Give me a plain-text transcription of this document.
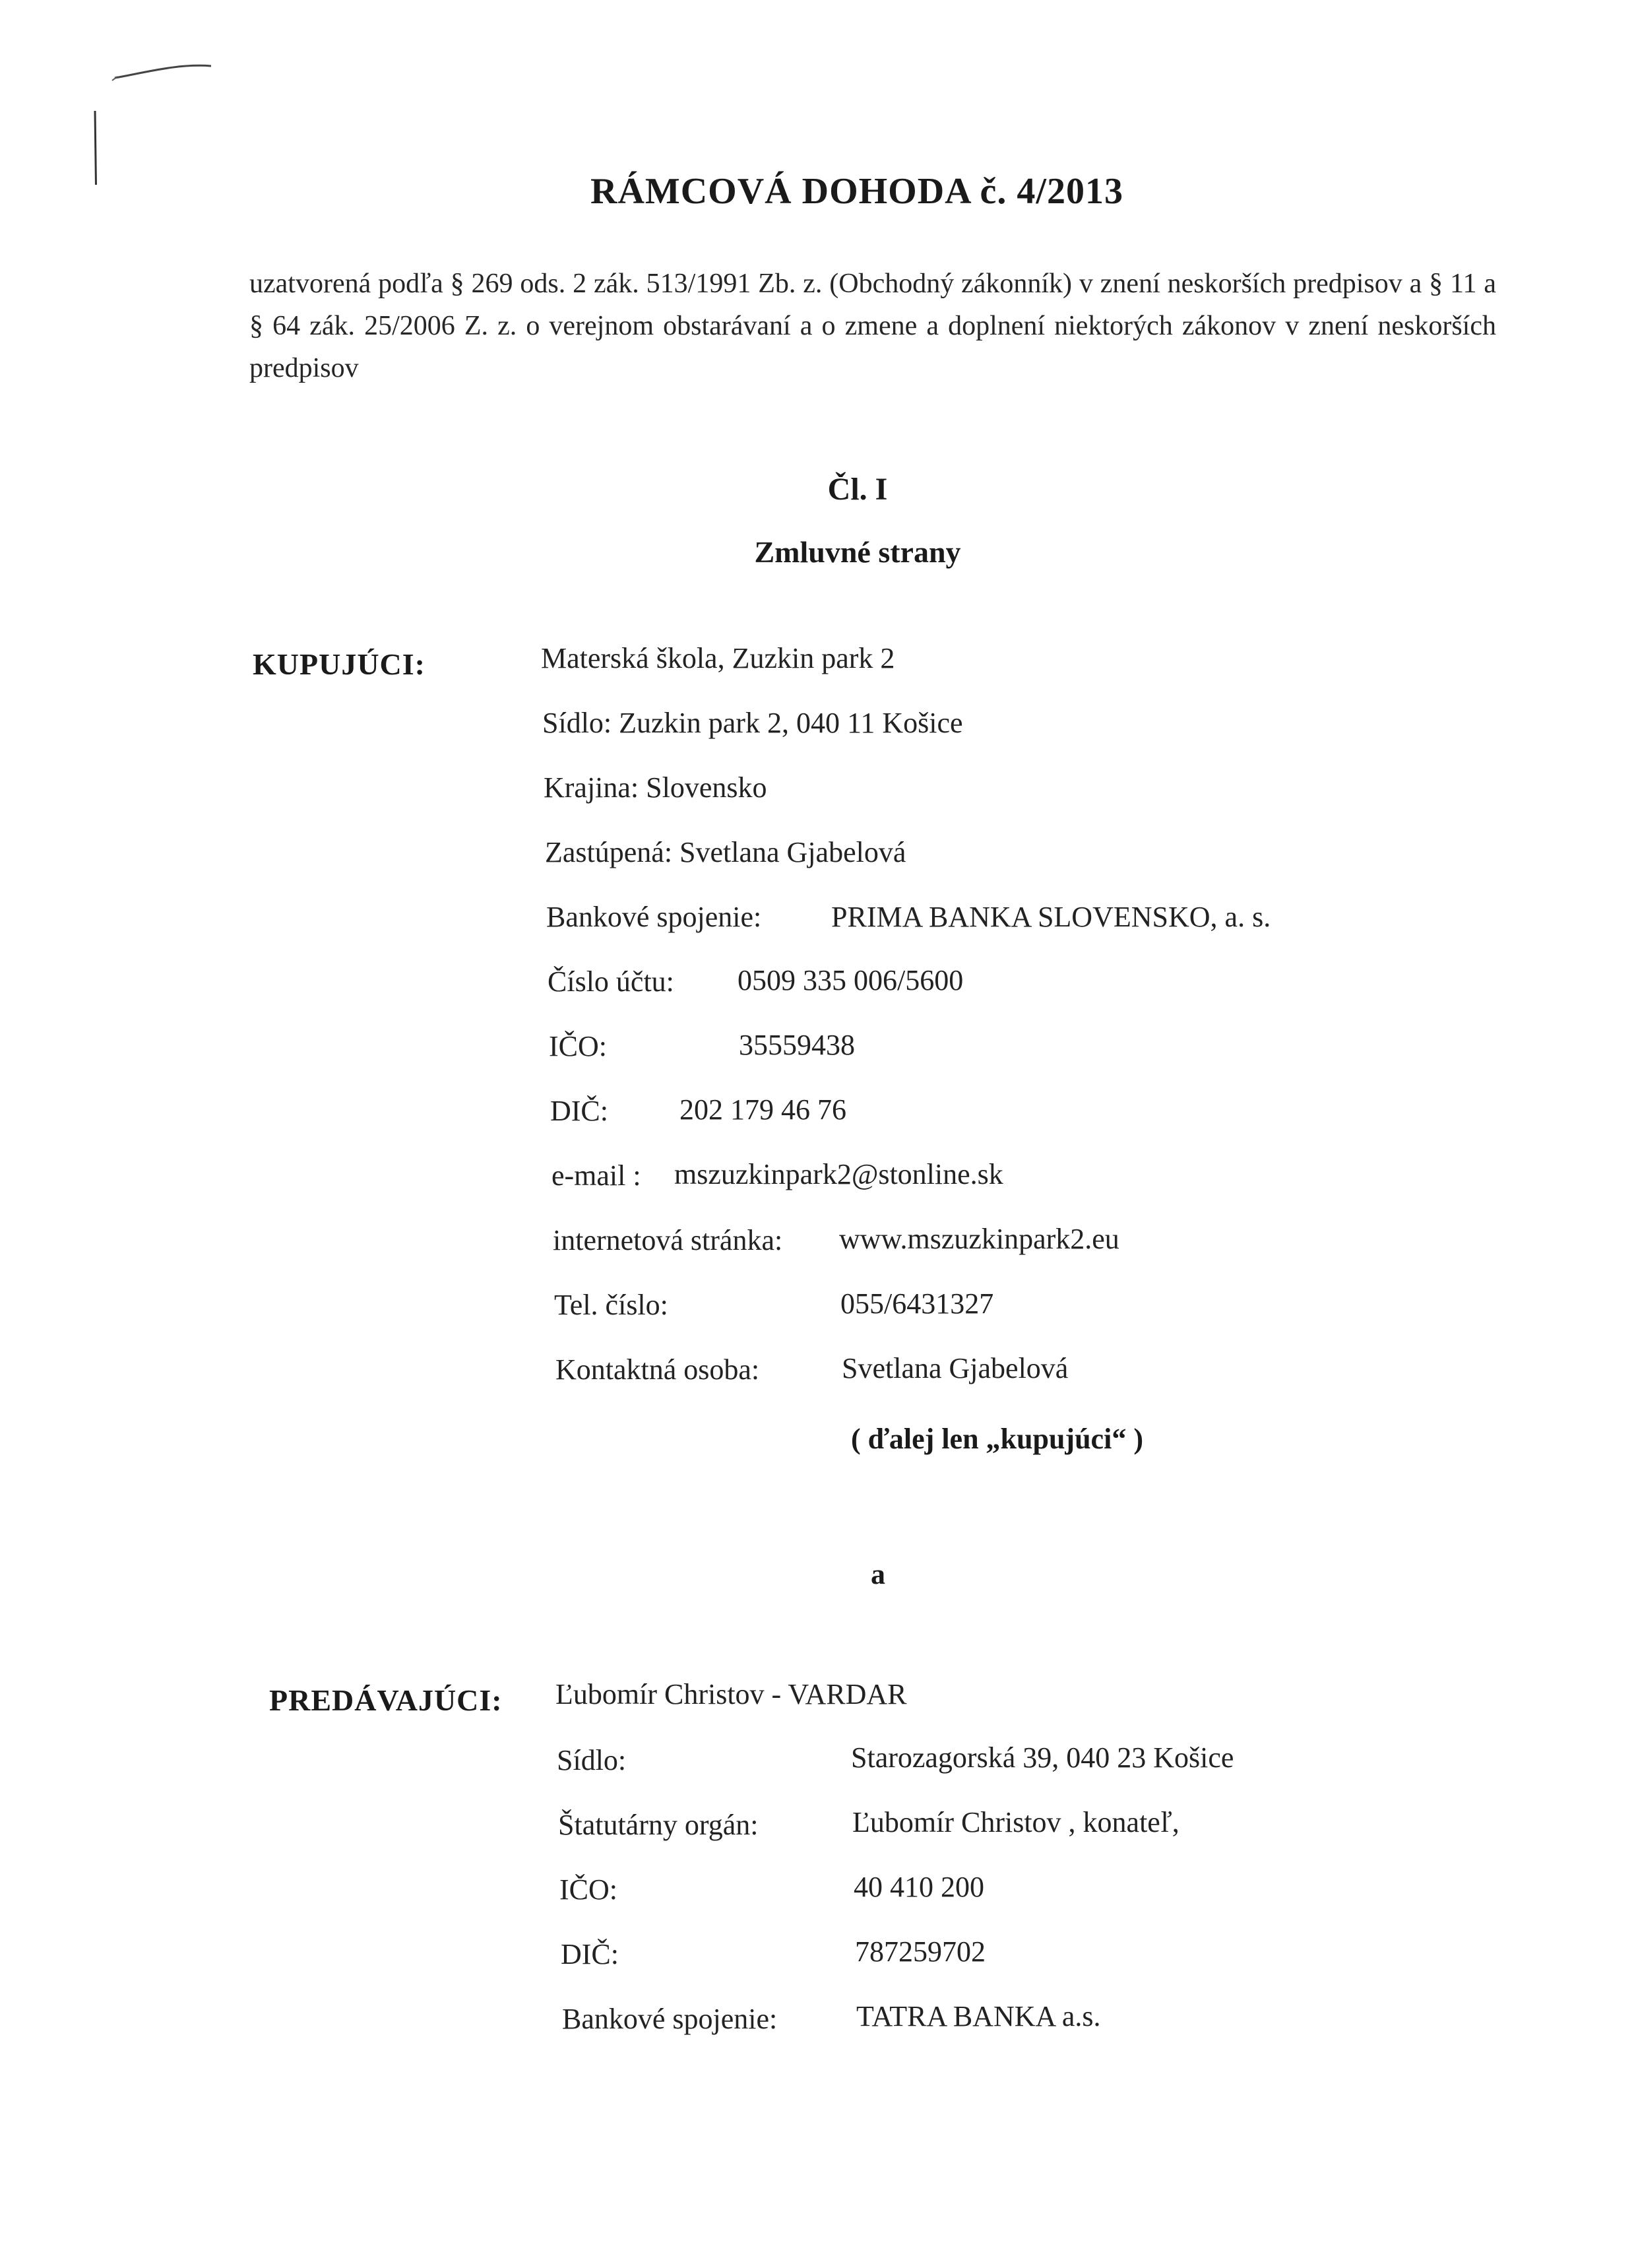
RÁMCOVÁ DOHODA č. 4/2013
uzatvorená podľa § 269 ods. 2 zák. 513/1991 Zb. z. (Obchodný zákonník) v znení neskorších predpisov a § 11 a § 64 zák. 25/2006 Z. z. o verejnom obstarávaní a o zmene a doplnení niektorých zákonov v znení neskorších predpisov
Čl. I
Zmluvné strany
KUPUJÚCI:	Materská škola, Zuzkin park 2
Sídlo: Zuzkin park 2, 040 11 Košice
Krajina: Slovensko
Zastúpená: Svetlana Gjabelová
Bankové spojenie: PRIMA BANKA SLOVENSKO, a. s.
Číslo účtu: 0509 335 006/5600
IČO:	35559438
DIČ: 202 179 46 76
e-mail : mszuzkinpark2@stonline.sk
internetová stránka: www.mszuzkinpark2.eu
Tel. číslo:	055/6431327
Kontaktná osoba:	Svetlana Gjabelová
( ďalej len „kupujúci“ )
a
PREDÁVAJÚCI: Ľubomír Christov - VARDAR
Sídlo:	Starozagorská 39, 040 23 Košice
Štatutárny orgán:	Ľubomír Christov , konateľ,
IČO:	40 410 200
DIČ:	787259702
Bankové spojenie:	TATRA BANKA a.s.
